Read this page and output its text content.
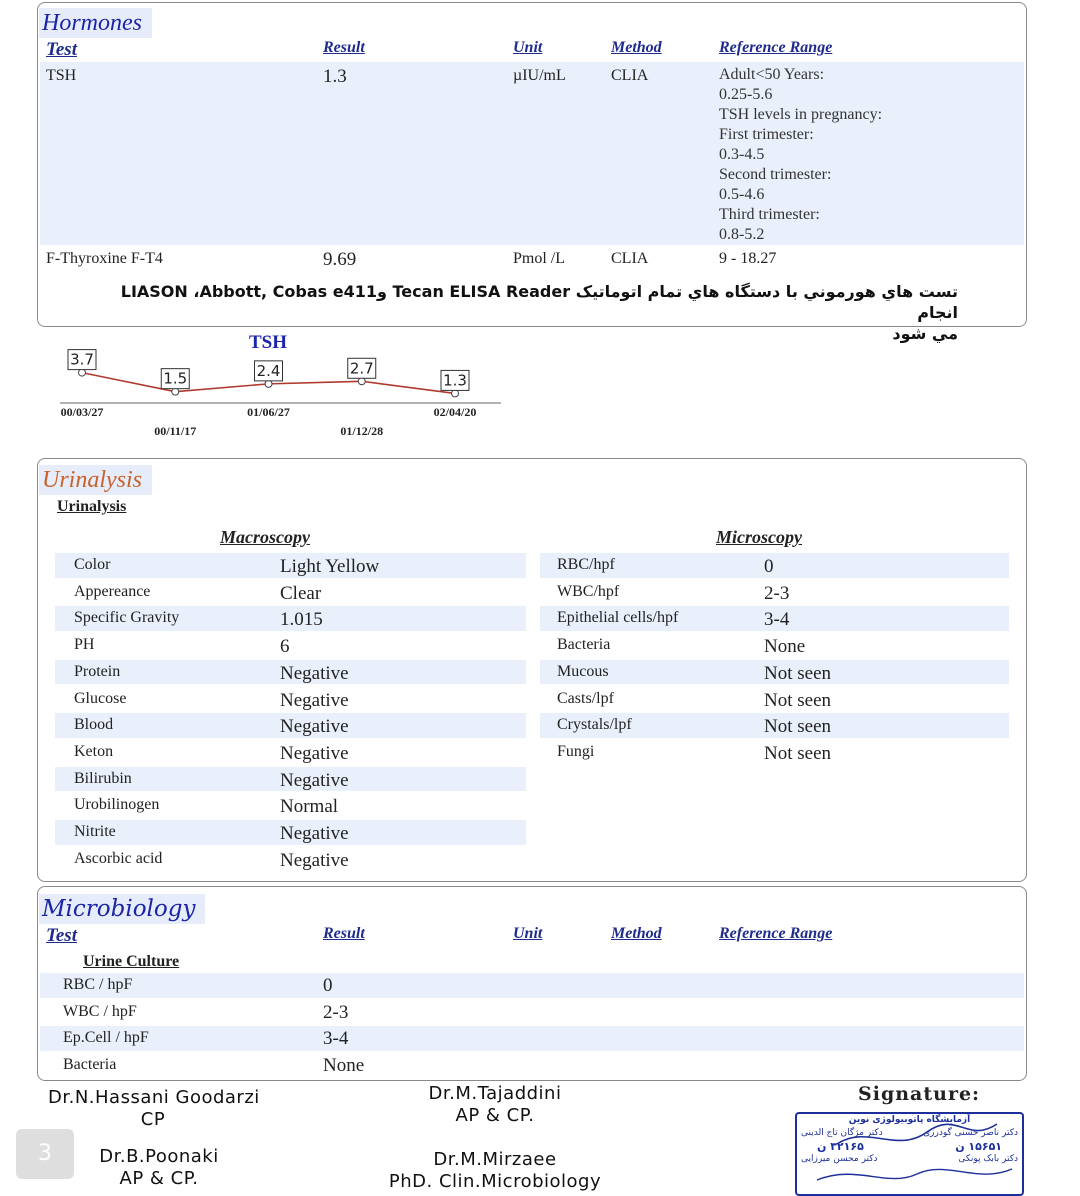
Hormones
Test	Result	Unit	Method	Reference Range
TSH	1.3	µIU/mL	CLIA	Adult<50 Years:
0.25-5.6
TSH levels in pregnancy:
First trimester:
0.3-4.5
Second trimester:
0.5-4.6
Third trimester:
0.8-5.2
F-Thyroxine F-T4	9.69	Pmol /L	CLIA	9 - 18.27
تست هاي هورموني با دستگاه هاي تمام اتوماتيک Tecan ELISA Reader وLIASON ،Abbott, Cobas e411 انجام
مي شود
TSH
3.7
00/03/27
1.5
00/11/17
2.4
01/06/27
2.7
01/12/28
1.3
02/04/20
Urinalysis
Urinalysis
Macroscopy	Microscopy
Color	Light Yellow
Appereance	Clear
Specific Gravity	1.015
PH	6
Protein	Negative
Glucose	Negative
Blood	Negative
Keton	Negative
Bilirubin	Negative
Urobilinogen	Normal
Nitrite	Negative
Ascorbic acid	Negative
RBC/hpf	0
WBC/hpf	2-3
Epithelial cells/hpf	3-4
Bacteria	None
Mucous	Not seen
Casts/lpf	Not seen
Crystals/lpf	Not seen
Fungi	Not seen
Microbiology
Test	Result	Unit	Method	Reference Range
Urine Culture
RBC / hpF	0
WBC / hpF	2-3
Ep.Cell / hpF	3-4
Bacteria	None
Dr.N.Hassani Goodarzi
CP
Dr.M.Tajaddini
AP & CP.
Dr.B.Poonaki
AP & CP.
Dr.M.Mirzaee
PhD. Clin.Microbiology
Signature:
آزمایشگاه پاتوبیولوژی نوین
دکتر ناصر حسنی گودرزی
دکتر مژگان تاج الدینی
۱۵۶۵۱ ن
۳۲۱۶۵ ن
دکتر بابک پونکی
دکتر محسن میرزایی
3
